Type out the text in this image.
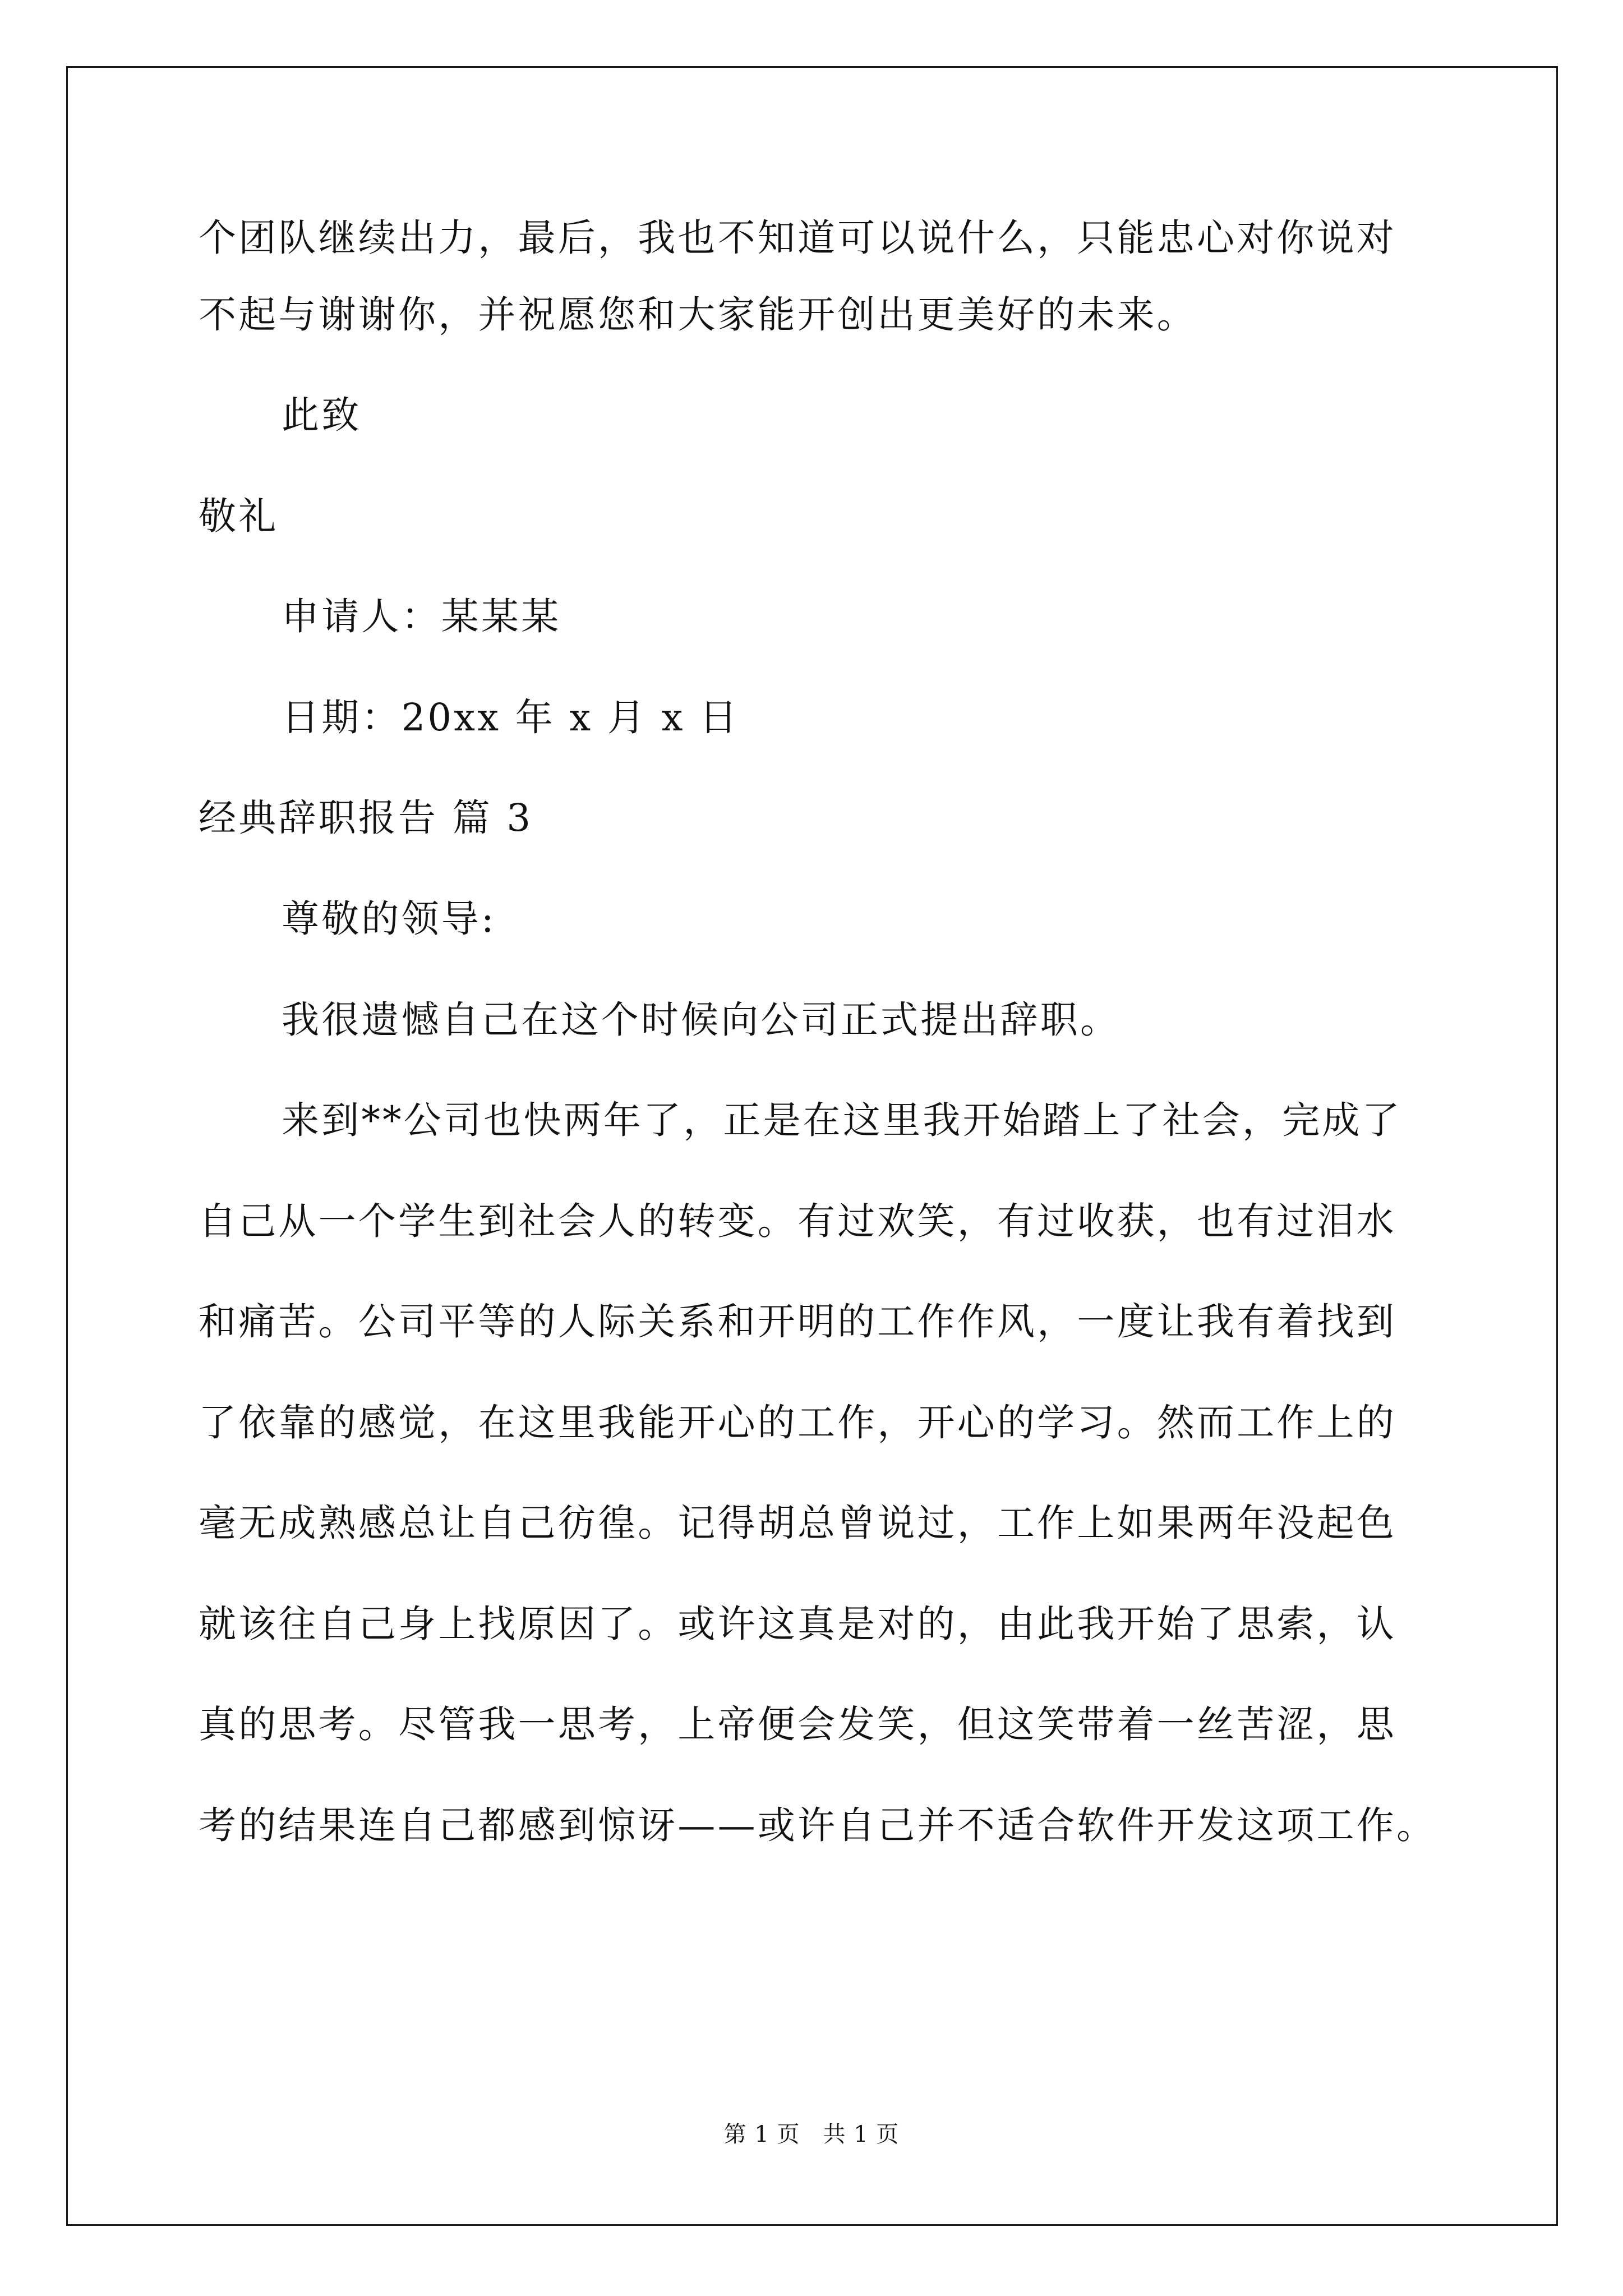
个团队继续出力，最后，我也不知道可以说什么，只能忠心对你说对
不起与谢谢你，并祝愿您和大家能开创出更美好的未来。
此致
敬礼
申请人：某某某
日期：20xx 年 x 月 x 日
经典辞职报告 篇 3
尊敬的领导:
我很遗憾自己在这个时候向公司正式提出辞职。
来到**公司也快两年了，正是在这里我开始踏上了社会，完成了
自己从一个学生到社会人的转变。有过欢笑，有过收获，也有过泪水
和痛苦。公司平等的人际关系和开明的工作作风，一度让我有着找到
了依靠的感觉，在这里我能开心的工作，开心的学习。然而工作上的
毫无成熟感总让自己彷徨。记得胡总曾说过，工作上如果两年没起色
就该往自己身上找原因了。或许这真是对的，由此我开始了思索，认
真的思考。尽管我一思考，上帝便会发笑，但这笑带着一丝苦涩，思
考的结果连自己都感到惊讶——或许自己并不适合软件开发这项工作。
第 1 页　共 1 页
